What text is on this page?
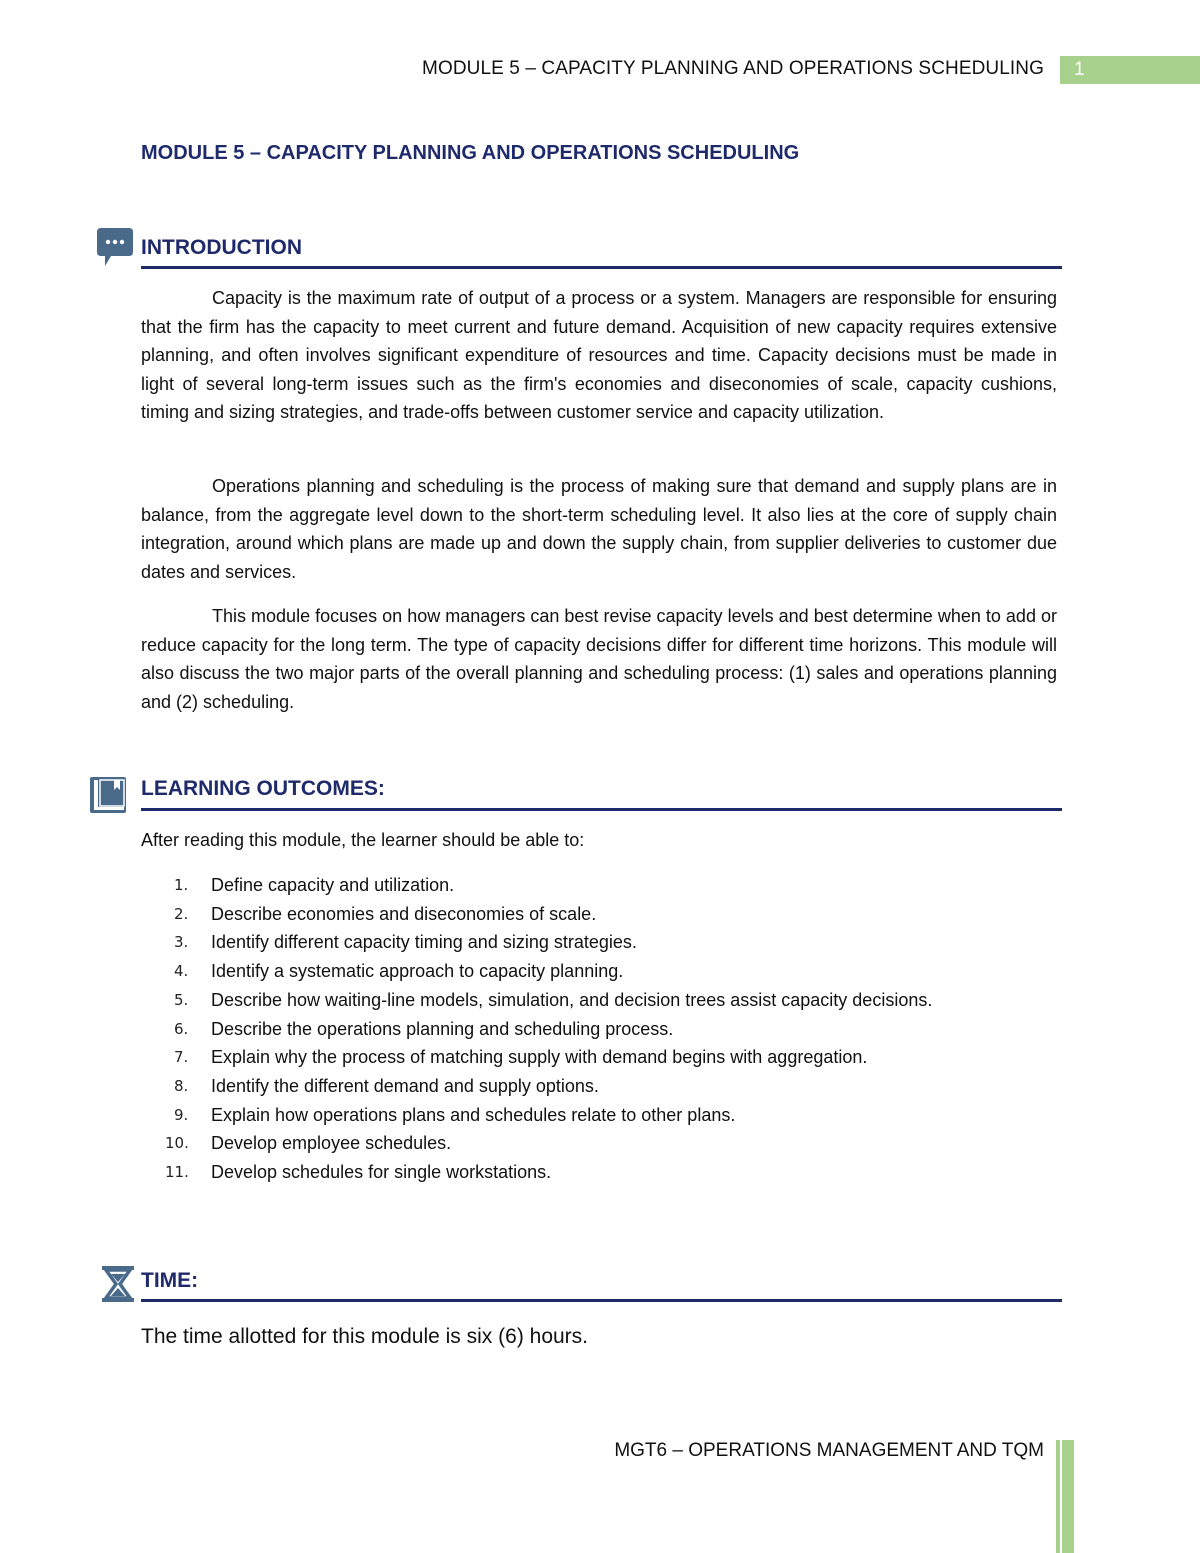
MODULE 5 – CAPACITY PLANNING AND OPERATIONS SCHEDULING	1
MODULE 5 – CAPACITY PLANNING AND OPERATIONS SCHEDULING
INTRODUCTION

Capacity is the maximum rate of output of a process or a system. Managers are responsible for ensuring that the firm has the capacity to meet current and future demand. Acquisition of new capacity requires extensive planning, and often involves significant expenditure of resources and time. Capacity decisions must be made in light of several long-term issues such as the firm's economies and diseconomies of scale, capacity cushions, timing and sizing strategies, and trade-offs between customer service and capacity utilization.

Operations planning and scheduling is the process of making sure that demand and supply plans are in balance, from the aggregate level down to the short-term scheduling level. It also lies at the core of supply chain integration, around which plans are made up and down the supply chain, from supplier deliveries to customer due dates and services.

This module focuses on how managers can best revise capacity levels and best determine when to add or reduce capacity for the long term. The type of capacity decisions differ for different time horizons. This module will also discuss the two major parts of the overall planning and scheduling process: (1) sales and operations planning and (2) scheduling.

LEARNING OUTCOMES:

After reading this module, the learner should be able to:

1. Define capacity and utilization.
2. Describe economies and diseconomies of scale.
3. Identify different capacity timing and sizing strategies.
4. Identify a systematic approach to capacity planning.
5. Describe how waiting-line models, simulation, and decision trees assist capacity decisions.
6. Describe the operations planning and scheduling process.
7. Explain why the process of matching supply with demand begins with aggregation.
8. Identify the different demand and supply options.
9. Explain how operations plans and schedules relate to other plans.
10. Develop employee schedules.
11. Develop schedules for single workstations.
TIME:
The time allotted for this module is six (6) hours.
MGT6 – OPERATIONS MANAGEMENT AND TQM
